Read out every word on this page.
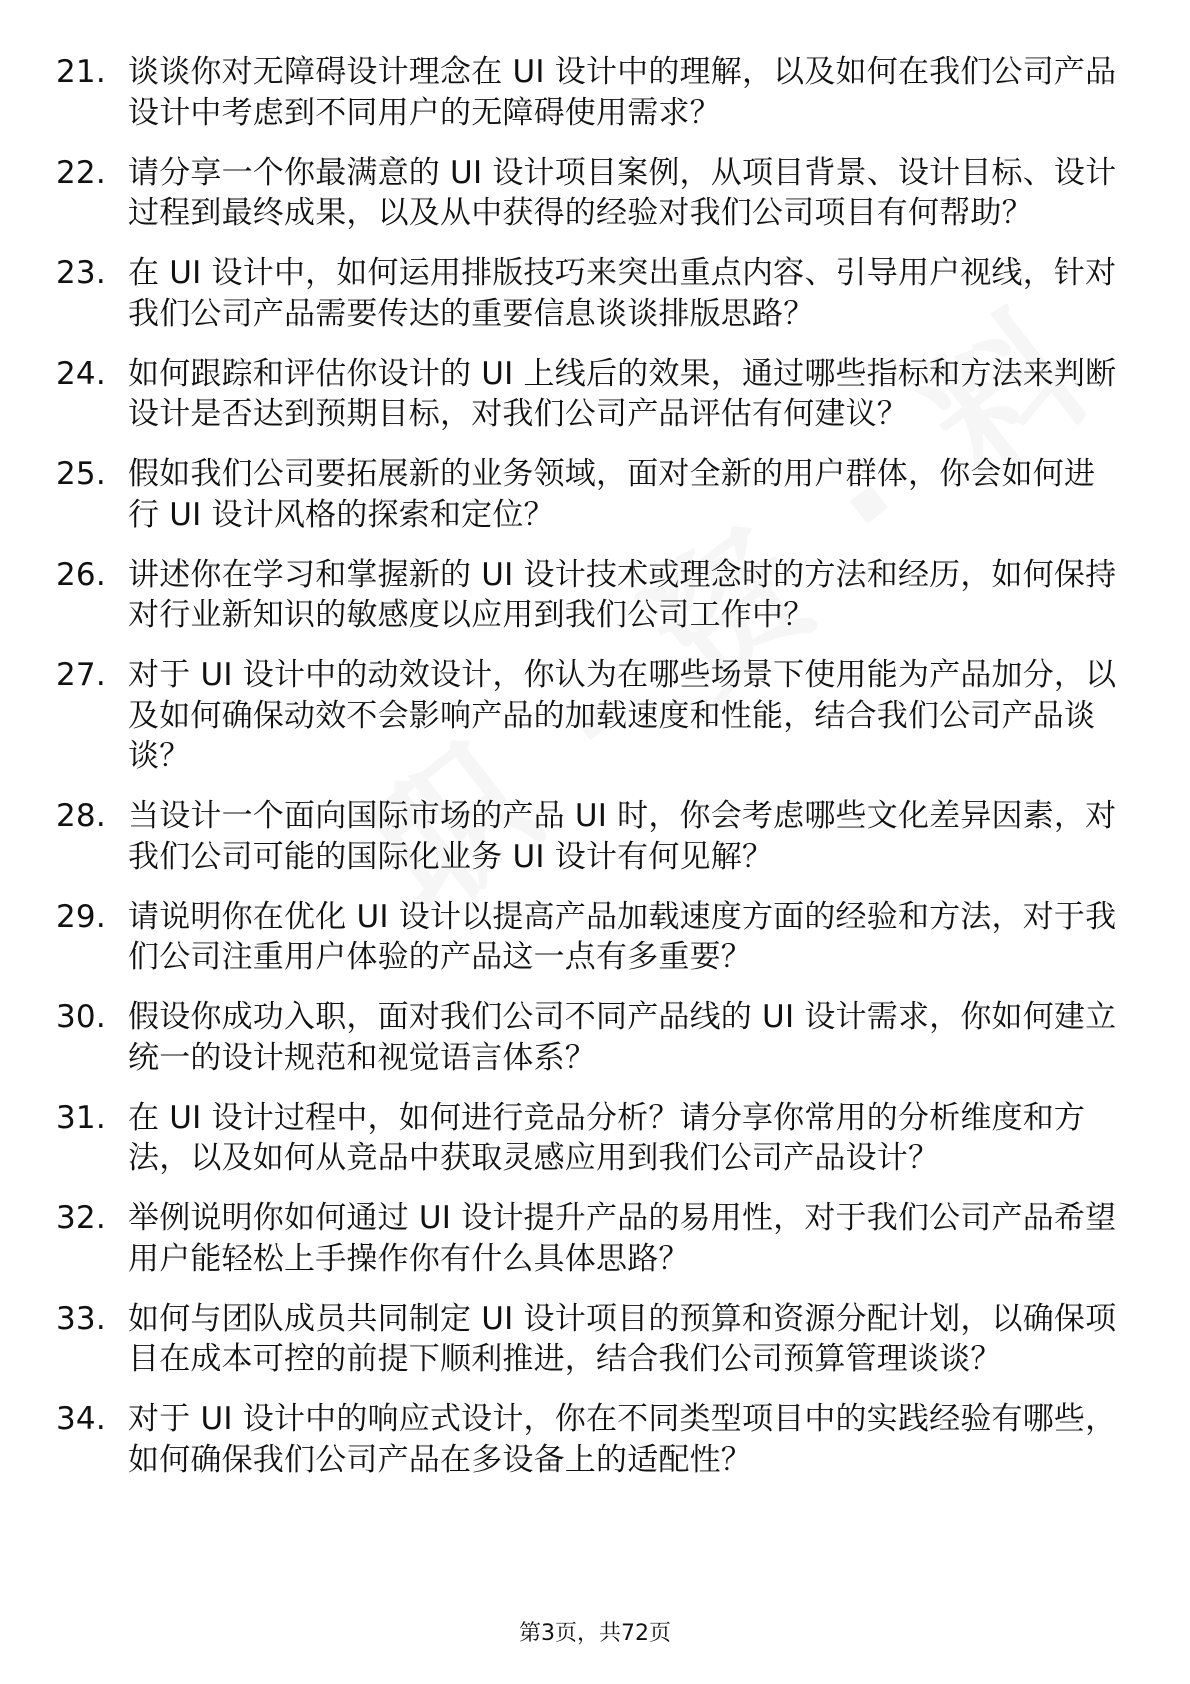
21. 谈谈你对无障碍设计理念在 UI 设计中的理解，以及如何在我们公司产品设计中考虑到不同用户的无障碍使用需求？
22. 请分享一个你最满意的 UI 设计项目案例，从项目背景、设计目标、设计过程到最终成果，以及从中获得的经验对我们公司项目有何帮助？
23. 在 UI 设计中，如何运用排版技巧来突出重点内容、引导用户视线，针对我们公司产品需要传达的重要信息谈谈排版思路？
24. 如何跟踪和评估你设计的 UI 上线后的效果，通过哪些指标和方法来判断设计是否达到预期目标，对我们公司产品评估有何建议？
25. 假如我们公司要拓展新的业务领域，面对全新的用户群体，你会如何进行 UI 设计风格的探索和定位？
26. 讲述你在学习和掌握新的 UI 设计技术或理念时的方法和经历，如何保持对行业新知识的敏感度以应用到我们公司工作中？
27. 对于 UI 设计中的动效设计，你认为在哪些场景下使用能为产品加分，以及如何确保动效不会影响产品的加载速度和性能，结合我们公司产品谈谈？
28. 当设计一个面向国际市场的产品 UI 时，你会考虑哪些文化差异因素，对我们公司可能的国际化业务 UI 设计有何见解？
29. 请说明你在优化 UI 设计以提高产品加载速度方面的经验和方法，对于我们公司注重用户体验的产品这一点有多重要？
30. 假设你成功入职，面对我们公司不同产品线的 UI 设计需求，你如何建立统一的设计规范和视觉语言体系？
31. 在 UI 设计过程中，如何进行竞品分析？请分享你常用的分析维度和方法，以及如何从竞品中获取灵感应用到我们公司产品设计？
32. 举例说明你如何通过 UI 设计提升产品的易用性，对于我们公司产品希望用户能轻松上手操作你有什么具体思路？
33. 如何与团队成员共同制定 UI 设计项目的预算和资源分配计划，以确保项目在成本可控的前提下顺利推进，结合我们公司预算管理谈谈？
34. 对于 UI 设计中的响应式设计，你在不同类型项目中的实践经验有哪些，如何确保我们公司产品在多设备上的适配性？
第3页，共72页
